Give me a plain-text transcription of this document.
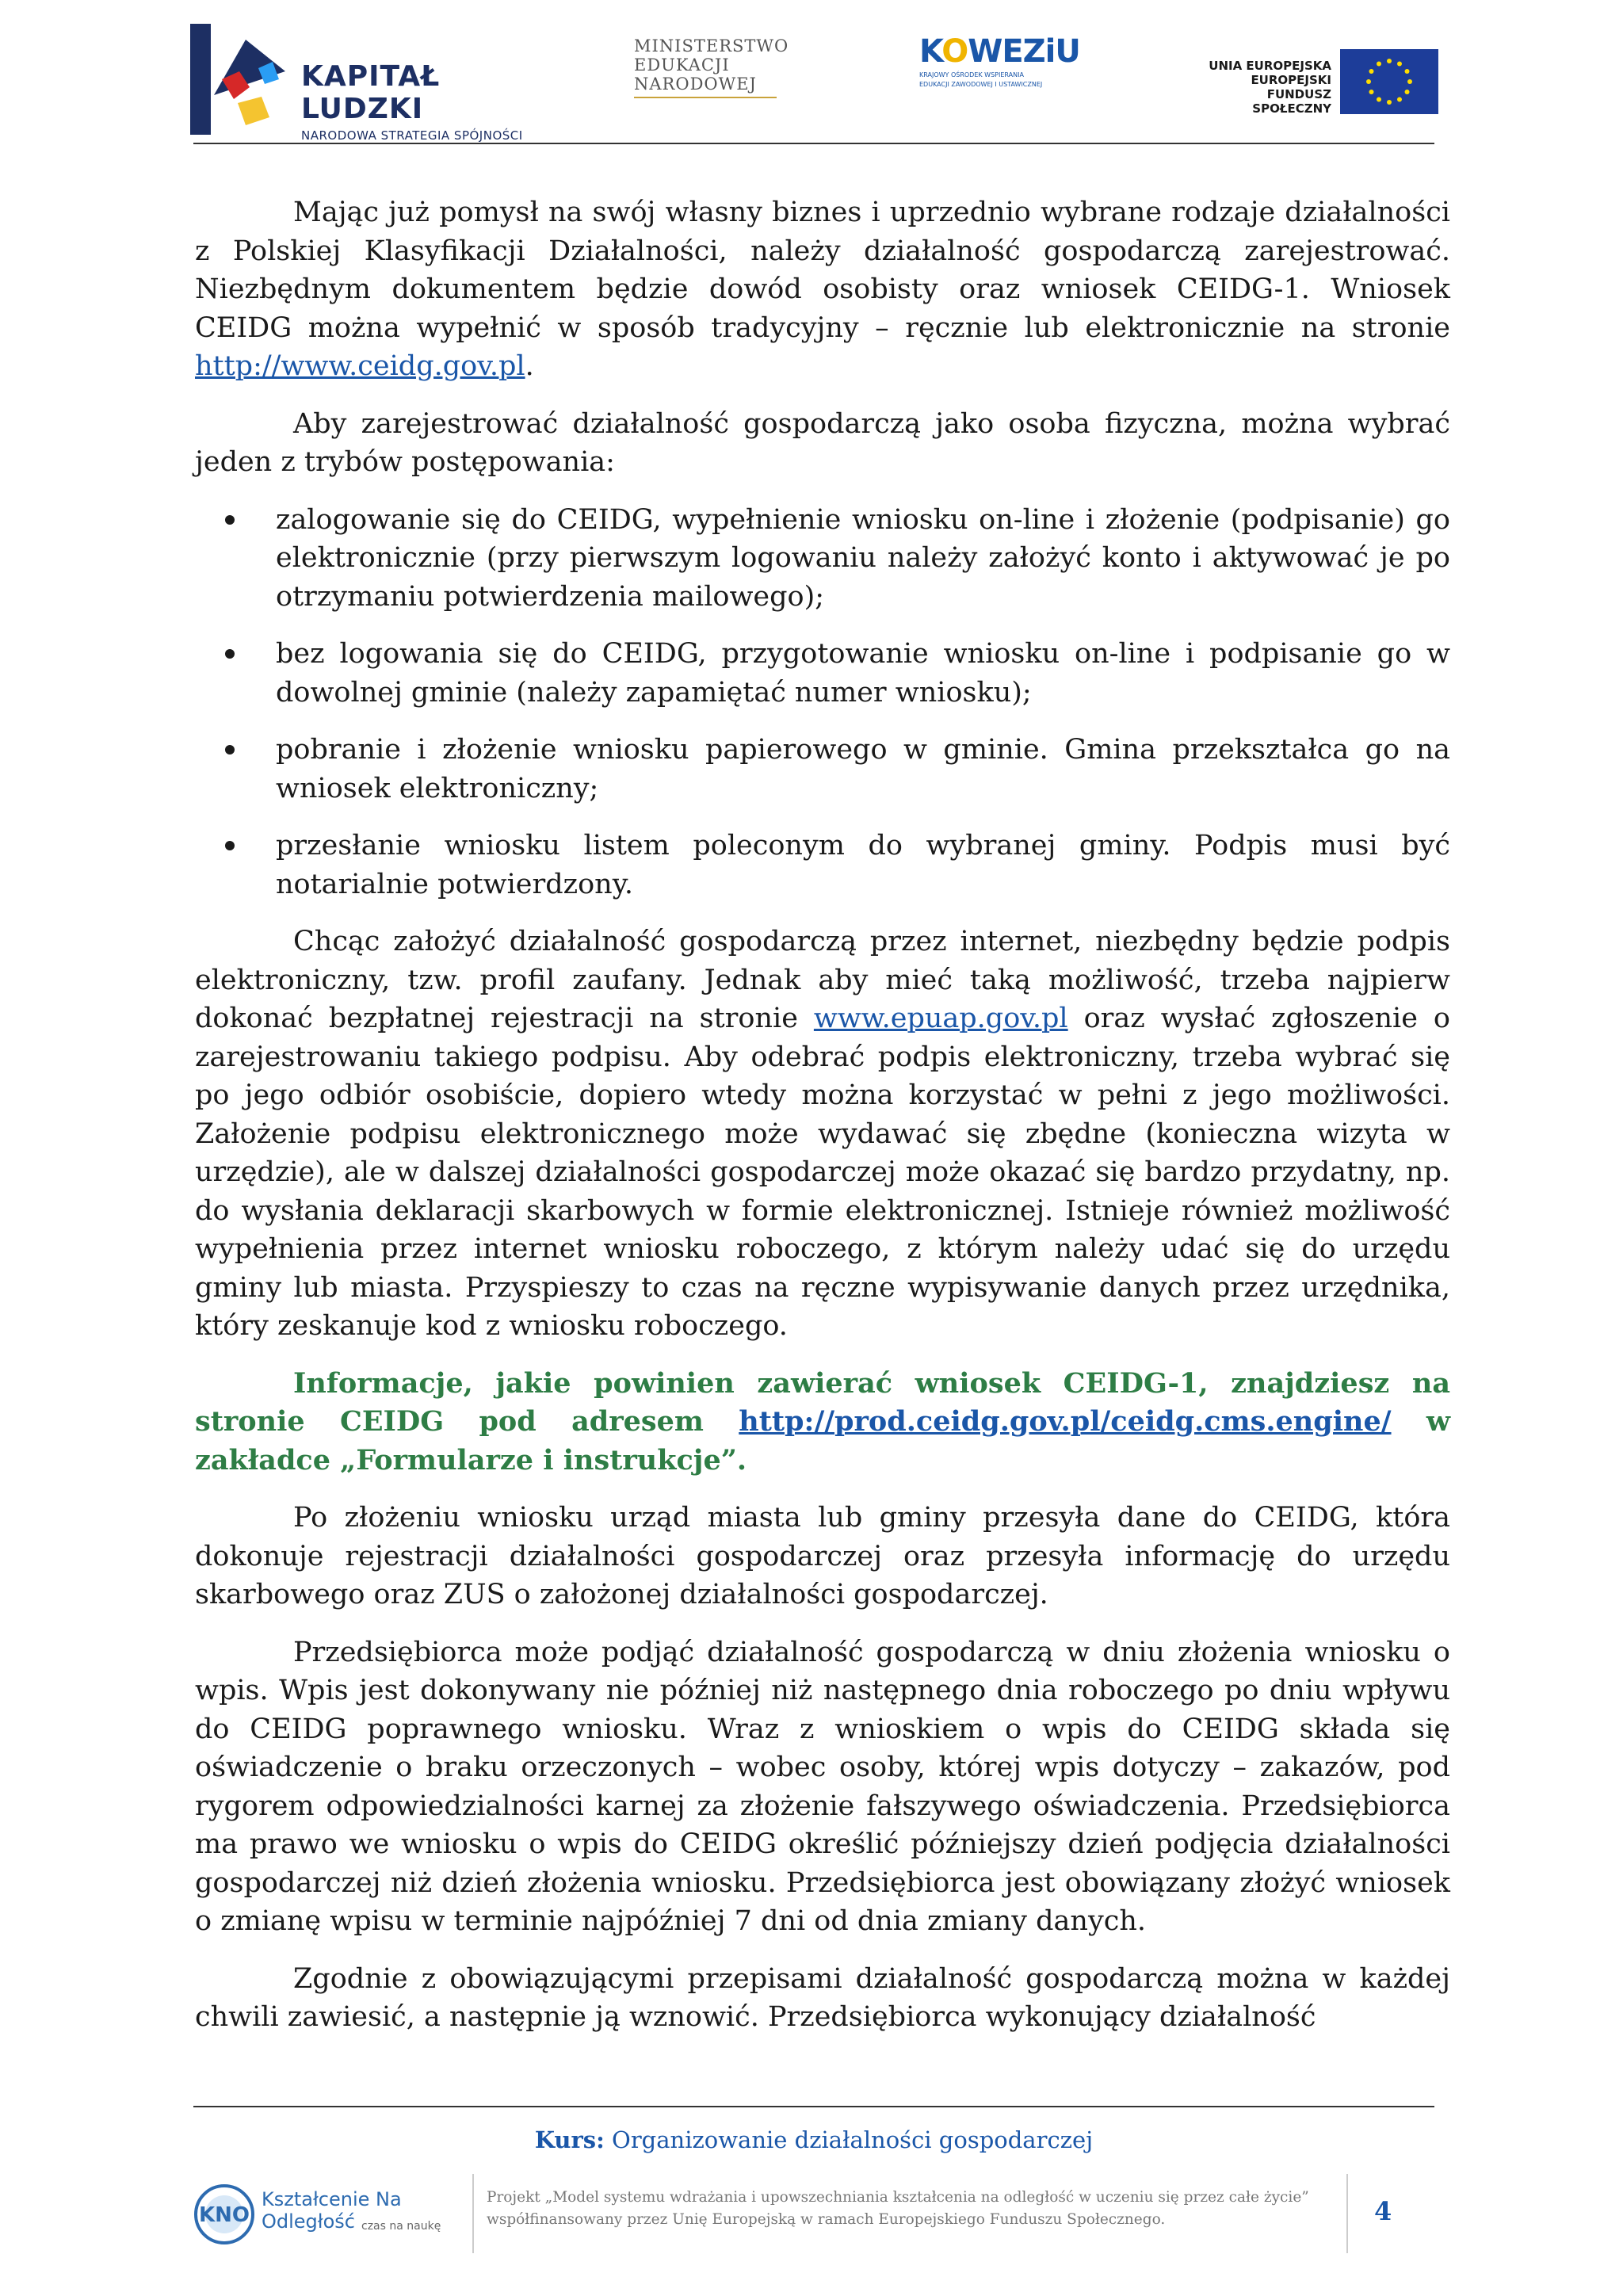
KAPITAŁ LUDZKI
NARODOWA STRATEGIA SPÓJNOŚCI
MINISTERSTWO
EDUKACJI
NARODOWEJ
KOWEZiU
KRAJOWY OŚRODEK WSPIERANIA
EDUKACJI ZAWODOWEJ I USTAWICZNEJ
UNIA EUROPEJSKA
EUROPEJSKI
FUNDUSZ SPOŁECZNY

Mając już pomysł na swój własny biznes i uprzednio wybrane rodzaje działalności z Polskiej Klasyfikacji Działalności, należy działalność gospodarczą zarejestrować. Niezbędnym dokumentem będzie dowód osobisty oraz wniosek CEIDG-1. Wniosek CEIDG można wypełnić w sposób tradycyjny – ręcznie lub elektronicznie na stronie http://www.ceidg.gov.pl.

Aby zarejestrować działalność gospodarczą jako osoba fizyczna, można wybrać jeden z trybów postępowania:

zalogowanie się do CEIDG, wypełnienie wniosku on-line i złożenie (podpisanie) go elektronicznie (przy pierwszym logowaniu należy założyć konto i aktywować je po otrzymaniu potwierdzenia mailowego);
bez logowania się do CEIDG, przygotowanie wniosku on-line i podpisanie go w dowolnej gminie (należy zapamiętać numer wniosku);
pobranie i złożenie wniosku papierowego w gminie. Gmina przekształca go na wniosek elektroniczny;
przesłanie wniosku listem poleconym do wybranej gminy. Podpis musi być notarialnie potwierdzony.

Chcąc założyć działalność gospodarczą przez internet, niezbędny będzie podpis elektroniczny, tzw. profil zaufany. Jednak aby mieć taką możliwość, trzeba najpierw dokonać bezpłatnej rejestracji na stronie www.epuap.gov.pl oraz wysłać zgłoszenie o zarejestrowaniu takiego podpisu. Aby odebrać podpis elektroniczny, trzeba wybrać się po jego odbiór osobiście, dopiero wtedy można korzystać w pełni z jego możliwości. Założenie podpisu elektronicznego może wydawać się zbędne (konieczna wizyta w urzędzie), ale w dalszej działalności gospodarczej może okazać się bardzo przydatny, np. do wysłania deklaracji skarbowych w formie elektronicznej. Istnieje również możliwość wypełnienia przez internet wniosku roboczego, z którym należy udać się do urzędu gminy lub miasta. Przyspieszy to czas na ręczne wypisywanie danych przez urzędnika, który zeskanuje kod z wniosku roboczego.

Informacje, jakie powinien zawierać wniosek CEIDG-1, znajdziesz na stronie CEIDG pod adresem http://prod.ceidg.gov.pl/ceidg.cms.engine/ w zakładce „Formularze i instrukcje”.

Po złożeniu wniosku urząd miasta lub gminy przesyła dane do CEIDG, która dokonuje rejestracji działalności gospodarczej oraz przesyła informację do urzędu skarbowego oraz ZUS o założonej działalności gospodarczej.

Przedsiębiorca może podjąć działalność gospodarczą w dniu złożenia wniosku o wpis. Wpis jest dokonywany nie później niż następnego dnia roboczego po dniu wpływu do CEIDG poprawnego wniosku. Wraz z wnioskiem o wpis do CEIDG składa się oświadczenie o braku orzeczonych – wobec osoby, której wpis dotyczy – zakazów, pod rygorem odpowiedzialności karnej za złożenie fałszywego oświadczenia. Przedsiębiorca ma prawo we wniosku o wpis do CEIDG określić późniejszy dzień podjęcia działalności gospodarczej niż dzień złożenia wniosku. Przedsiębiorca jest obowiązany złożyć wniosek o zmianę wpisu w terminie najpóźniej 7 dni od dnia zmiany danych.

Zgodnie z obowiązującymi przepisami działalność gospodarczą można w każdej chwili zawiesić, a następnie ją wznowić. Przedsiębiorca wykonujący działalność

Kurs: Organizowanie działalności gospodarczej
KNO
Kształcenie Na Odległość czas na naukę
Projekt „Model systemu wdrażania i upowszechniania kształcenia na odległość w uczeniu się przez całe życie”
współfinansowany przez Unię Europejską w ramach Europejskiego Funduszu Społecznego.	4
